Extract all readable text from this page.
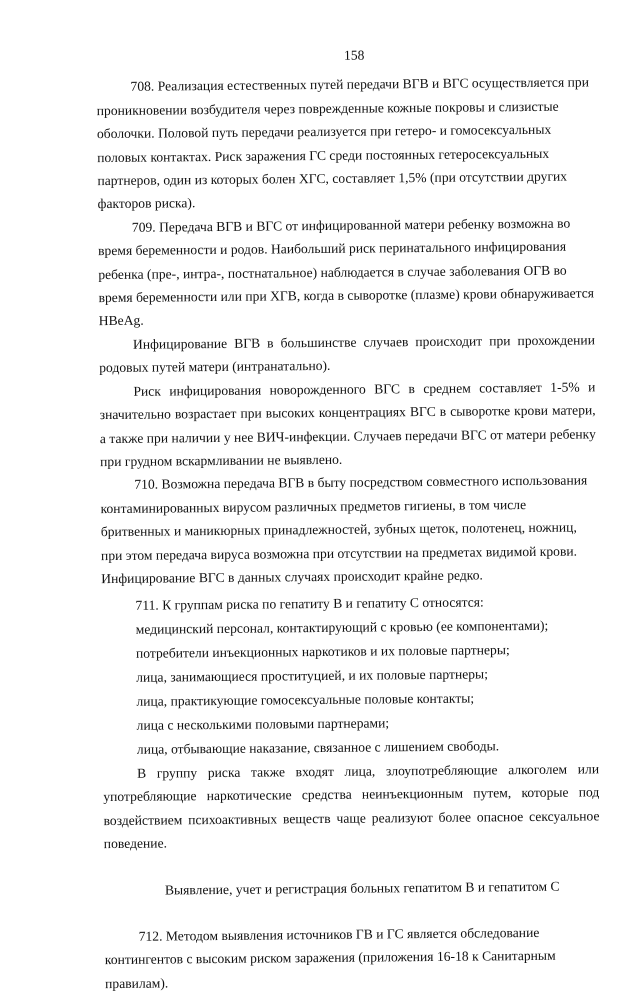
158

708. Реализация естественных путей передачи ВГВ и ВГС осуществляется при проникновении возбудителя через поврежденные кожные покровы и слизистые оболочки. Половой путь передачи реализуется при гетеро- и гомосексуальных половых контактах. Риск заражения ГС среди постоянных гетеросексуальных партнеров, один из которых болен ХГС, составляет 1,5% (при отсутствии других факторов риска).

709. Передача ВГВ и ВГС от инфицированной матери ребенку возможна во время беременности и родов. Наибольший риск перинатального инфицирования ребенка (пре-, интра-, постнатальное) наблюдается в случае заболевания ОГВ во время беременности или при ХГВ, когда в сыворотке (плазме) крови обнаруживается HBeAg.

Инфицирование ВГВ в большинстве случаев происходит при прохождении родовых путей матери (интранатально).

Риск инфицирования новорожденного ВГС в среднем составляет 1-5% и значительно возрастает при высоких концентрациях ВГС в сыворотке крови матери, а также при наличии у нее ВИЧ-инфекции. Случаев передачи ВГС от матери ребенку при грудном вскармливании не выявлено.

710. Возможна передача ВГВ в быту посредством совместного использования контаминированных вирусом различных предметов гигиены, в том числе бритвенных и маникюрных принадлежностей, зубных щеток, полотенец, ножниц, при этом передача вируса возможна при отсутствии на предметах видимой крови. Инфицирование ВГС в данных случаях происходит крайне редко.

711. К группам риска по гепатиту В и гепатиту С относятся:

медицинский персонал, контактирующий с кровью (ее компонентами);
потребители инъекционных наркотиков и их половые партнеры;
лица, занимающиеся проституцией, и их половые партнеры;
лица, практикующие гомосексуальные половые контакты;
лица с несколькими половыми партнерами;
лица, отбывающие наказание, связанное с лишением свободы.

В группу риска также входят лица, злоупотребляющие алкоголем или употребляющие наркотические средства неинъекционным путем, которые под воздействием психоактивных веществ чаще реализуют более опасное сексуальное поведение.

Выявление, учет и регистрация больных гепатитом В и гепатитом С

712. Методом выявления источников ГВ и ГС является обследование контингентов с высоким риском заражения (приложения 16-18 к Санитарным правилам).
